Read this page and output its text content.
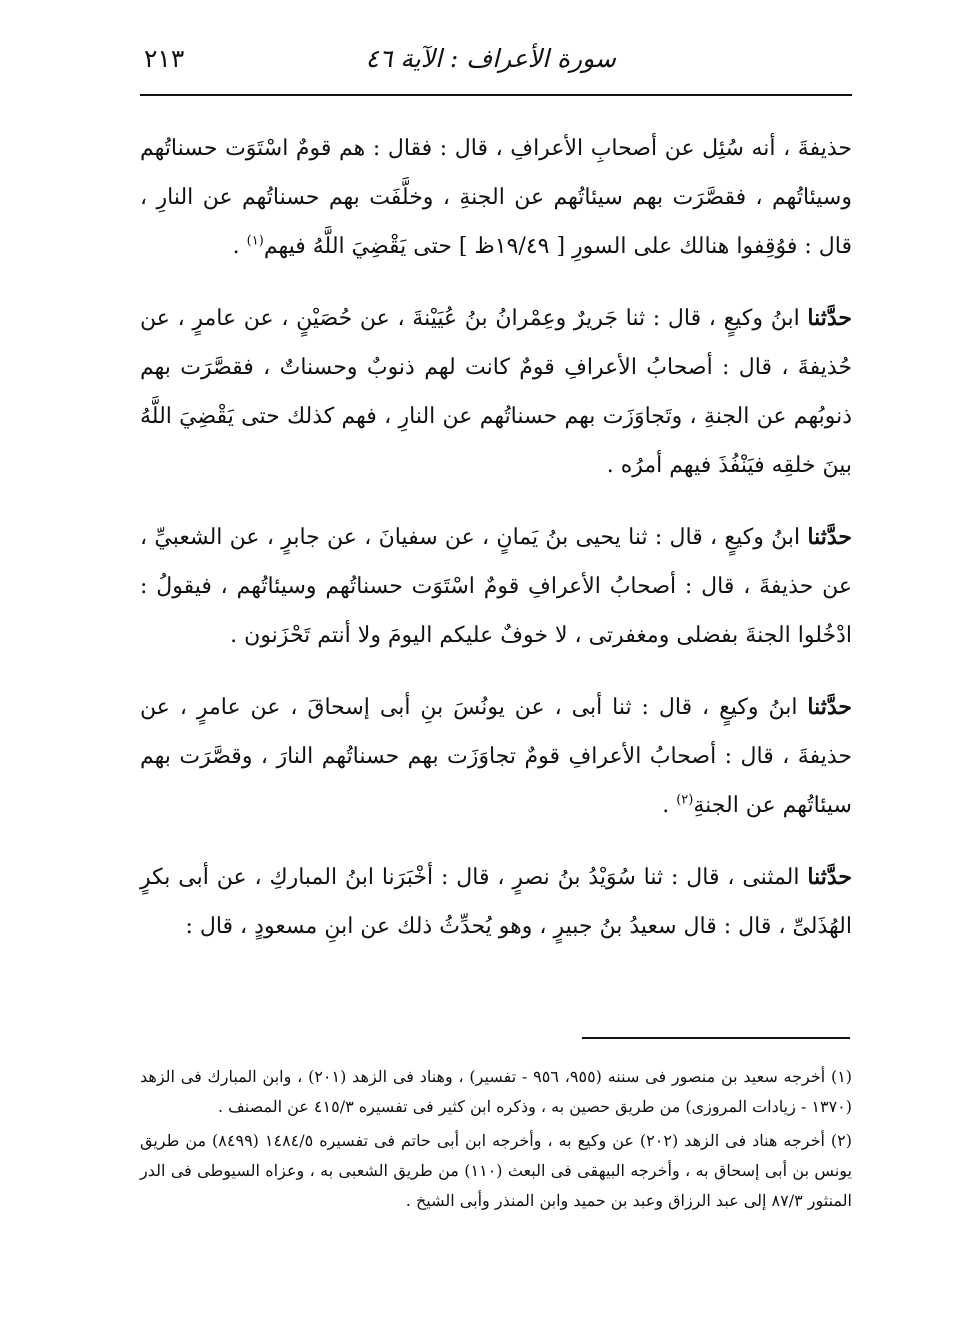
سورة الأعراف : الآية ٤٦
٢١٣

حذيفةَ ، أنه سُئِل عن أصحابِ الأعرافِ ، قال : فقال : هم قومٌ اسْتَوَت حسناتُهم وسيئاتُهم ، فقصَّرَت بهم سيئاتُهم عن الجنةِ ، وخلَّفَت بهم حسناتُهم عن النارِ ، قال : فوُقِفوا هنالك على السورِ [ ١٩/٤٩ظ ] حتى يَقْضِيَ اللَّهُ فيهم$^{(١)}$ .

حدَّثنا ابنُ وكيعٍ ، قال : ثنا جَريرٌ وعِمْرانُ بنُ عُيَيْنةَ ، عن حُصَيْنٍ ، عن عامرٍ ، عن حُذيفةَ ، قال : أصحابُ الأعرافِ قومٌ كانت لهم ذنوبٌ وحسناتٌ ، فقصَّرَت بهم ذنوبُهم عن الجنةِ ، وتَجاوَزَت بهم حسناتُهم عن النارِ ، فهم كذلك حتى يَقْضِيَ اللَّهُ بينَ خلقِه فيَنْفُذَ فيهم أمرُه .

حدَّثنا ابنُ وكيعٍ ، قال : ثنا يحيى بنُ يَمانٍ ، عن سفيانَ ، عن جابرٍ ، عن الشعبيِّ ، عن حذيفةَ ، قال : أصحابُ الأعرافِ قومٌ اسْتَوَت حسناتُهم وسيئاتُهم ، فيقولُ : ادْخُلوا الجنةَ بفضلى ومغفرتى ، لا خوفٌ عليكم اليومَ ولا أنتم تَحْزَنون .

حدَّثنا ابنُ وكيعٍ ، قال : ثنا أبى ، عن يونُسَ بنِ أبى إسحاقَ ، عن عامرٍ ، عن حذيفةَ ، قال : أصحابُ الأعرافِ قومٌ تجاوَزَت بهم حسناتُهم النارَ ، وقصَّرَت بهم سيئاتُهم عن الجنةِ$^{(٢)}$ .

حدَّثنا المثنى ، قال : ثنا سُوَيْدُ بنُ نصرٍ ، قال : أخْبَرَنا ابنُ المباركِ ، عن أبى بكرٍ الهُذَلىِّ ، قال : قال سعيدُ بنُ جبيرٍ ، وهو يُحدِّثُ ذلك عن ابنِ مسعودٍ ، قال :

(١) أخرجه سعيد بن منصور فى سننه (٩٥٥، ٩٥٦ - تفسير) ، وهناد فى الزهد (٢٠١) ، وابن المبارك فى الزهد (١٣٧٠ - زيادات المروزى) من طريق حصين به ، وذكره ابن كثير فى تفسيره ٤١٥/٣ عن المصنف .

(٢) أخرجه هناد فى الزهد (٢٠٢) عن وكيع به ، وأخرجه ابن أبى حاتم فى تفسيره ١٤٨٤/٥ (٨٤٩٩) من طريق يونس بن أبى إسحاق به ، وأخرجه البيهقى فى البعث (١١٠) من طريق الشعبى به ، وعزاه السيوطى فى الدر المنثور ٨٧/٣ إلى عبد الرزاق وعبد بن حميد وابن المنذر وأبى الشيخ .
